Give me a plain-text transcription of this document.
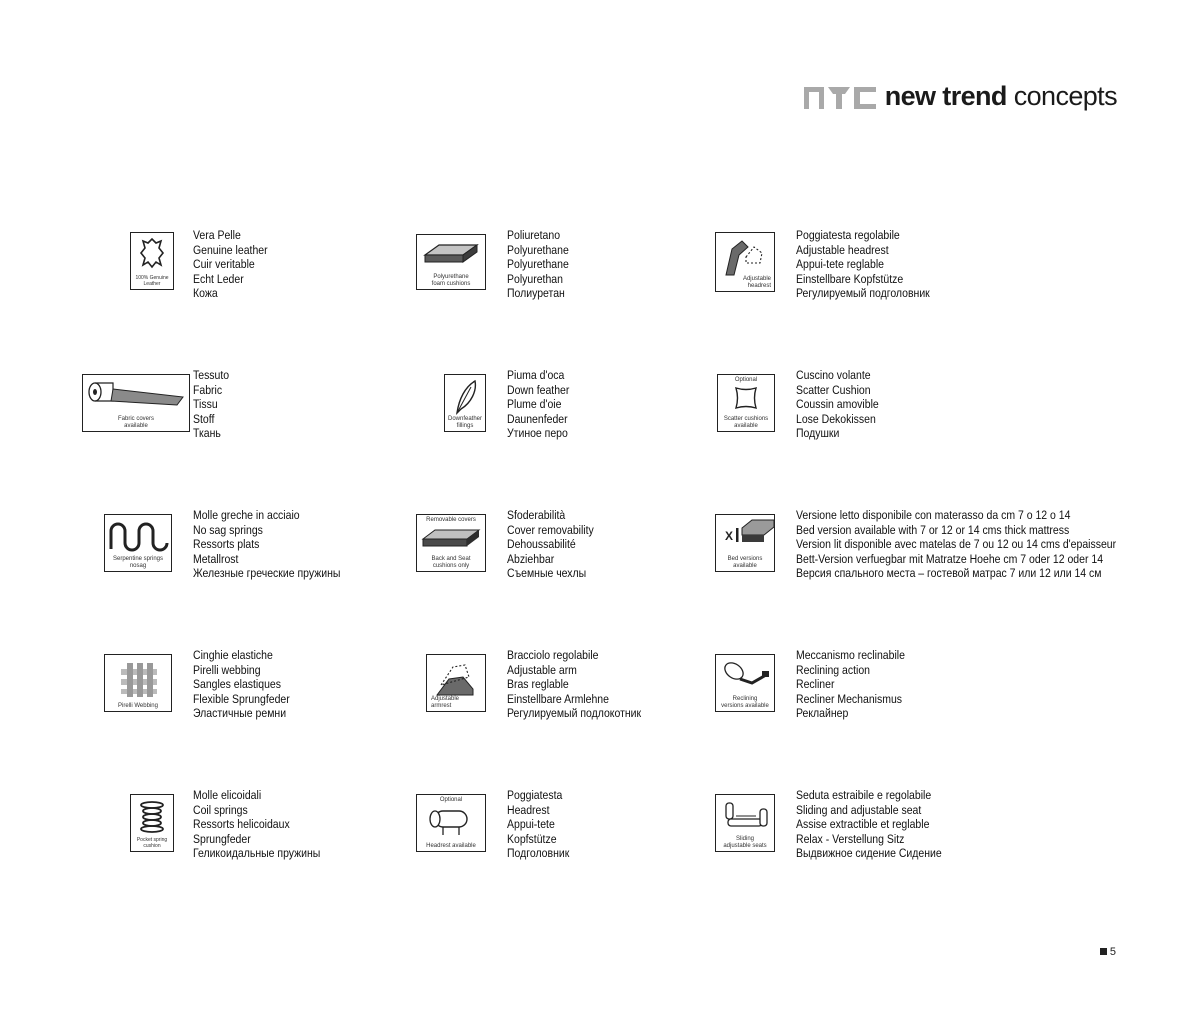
new trend concepts
100% Genuine
Leather
Vera Pelle
Genuine leather
Cuir veritable
Echt Leder
Кожа
Polyurethane
foam cushions
Poliuretano
Polyurethane
Polyurethane
Polyurethan
Полиуретан
Adjustable
headrest
Poggiatesta regolabile
Adjustable headrest
Appui-tete reglable
Einstellbare Kopfstütze
Регулируемый подголовник
Fabric covers
available
Tessuto
Fabric
Tissu
Stoff
Ткань
Downfeather
fillings
Piuma d'oca
Down feather
Plume d'oie
Daunenfeder
Утиное перо
Optional
Scatter cushions
available
Cuscino volante
Scatter Cushion
Coussin amovible
Lose Dekokissen
Подушки
Serpentine springs
nosag
Molle greche in acciaio
No sag springs
Ressorts plats
Metallrost
Железные греческие пружины
Removable covers
Back and Seat
cushions only
Sfoderabilità
Cover removability
Dehoussabilité
Abziehbar
Съемные чехлы
X
Bed versions
available
Versione letto disponibile con materasso da cm 7 o 12 o 14
Bed version available with 7 or 12 or 14 cms thick mattress
Version lit disponible avec matelas de 7 ou 12 ou 14 cms d'epaisseur
Bett-Version verfuegbar mit Matratze Hoehe cm 7 oder 12 oder 14
Версия спального места – гостевой матрас 7 или 12 или 14 см
Pirelli Webbing
Cinghie elastiche
Pirelli webbing
Sangles elastiques
Flexible Sprungfeder
Эластичные ремни
Adjustable
armrest
Bracciolo regolabile
Adjustable arm
Bras reglable
Einstellbare Armlehne
Регулируемый подлокотник
Reclining
versions available
Meccanismo reclinabile
Reclining action
Recliner
Recliner Mechanismus
Реклайнер
Pocket spring
cushion
Molle elicoidali
Coil springs
Ressorts helicoidaux
Sprungfeder
Геликоидальные пружины
Optional
Headrest available
Poggiatesta
Headrest
Appui-tete
Kopfstütze
Подголовник
Sliding
adjustable seats
Seduta estraibile e regolabile
Sliding and adjustable seat
Assise extractible et reglable
Relax - Verstellung Sitz
Выдвижное сидение Сидение
5
